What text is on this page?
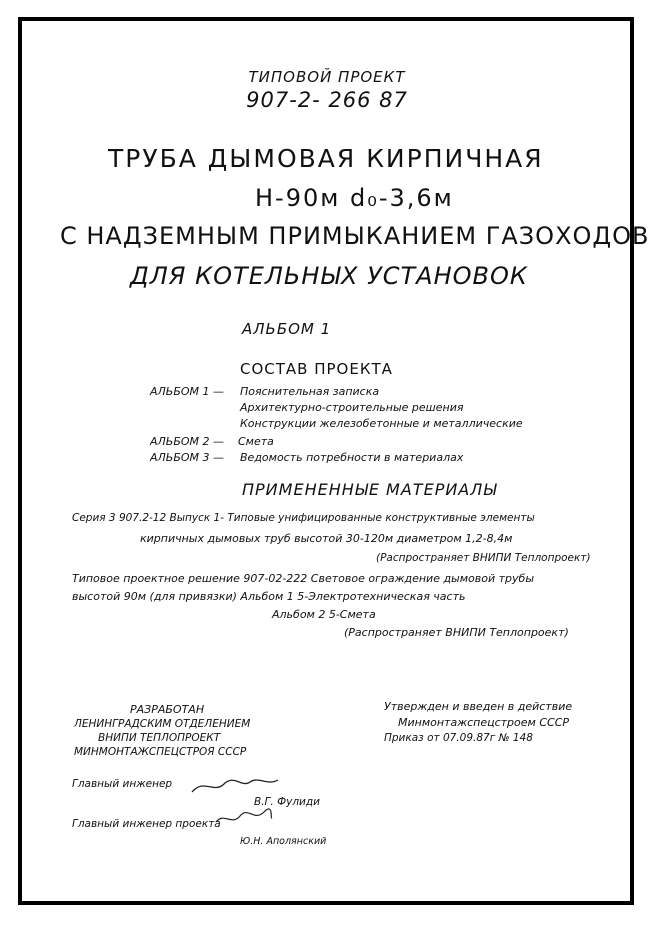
ТИПОВОЙ ПРОЕКТ
907-2- 266 87
ТРУБА ДЫМОВАЯ КИРПИЧНАЯ
Н-90м d₀-3,6м
С НАДЗЕМНЫМ ПРИМЫКАНИЕМ ГАЗОХОДОВ
ДЛЯ КОТЕЛЬНЫХ УСТАНОВОК
АЛЬБОМ 1
СОСТАВ ПРОЕКТА
АЛЬБОМ 1 — Пояснительная записка
Архитектурно-строительные решения
Конструкции железобетонные и металлические
АЛЬБОМ 2 — Смета
АЛЬБОМ 3 — Ведомость потребности в материалах
ПРИМЕНЕННЫЕ МАТЕРИАЛЫ
Серия 3 907.2-12 Выпуск 1- Типовые унифицированные конструктивные элементы
кирпичных дымовых труб высотой 30-120м диаметром 1,2-8,4м
(Распространяет ВНИПИ Теплопроект)
Типовое проектное решение 907-02-222 Световое ограждение дымовой трубы
высотой 90м (для привязки) Альбом 1 5-Электротехническая часть
Альбом 2 5-Смета
(Распространяет ВНИПИ Теплопроект)
РАЗРАБОТАН
ЛЕНИНГРАДСКИМ ОТДЕЛЕНИЕМ
ВНИПИ ТЕПЛОПРОЕКТ
МИНМОНТАЖСПЕЦСТРОЯ СССР
Утвержден и введен в действие
Минмонтажспецстроем СССР
Приказ от 07.09.87г № 148
Главный инженер
В.Г. Фулиди
Главный инженер проекта
Ю.Н. Аполянский
